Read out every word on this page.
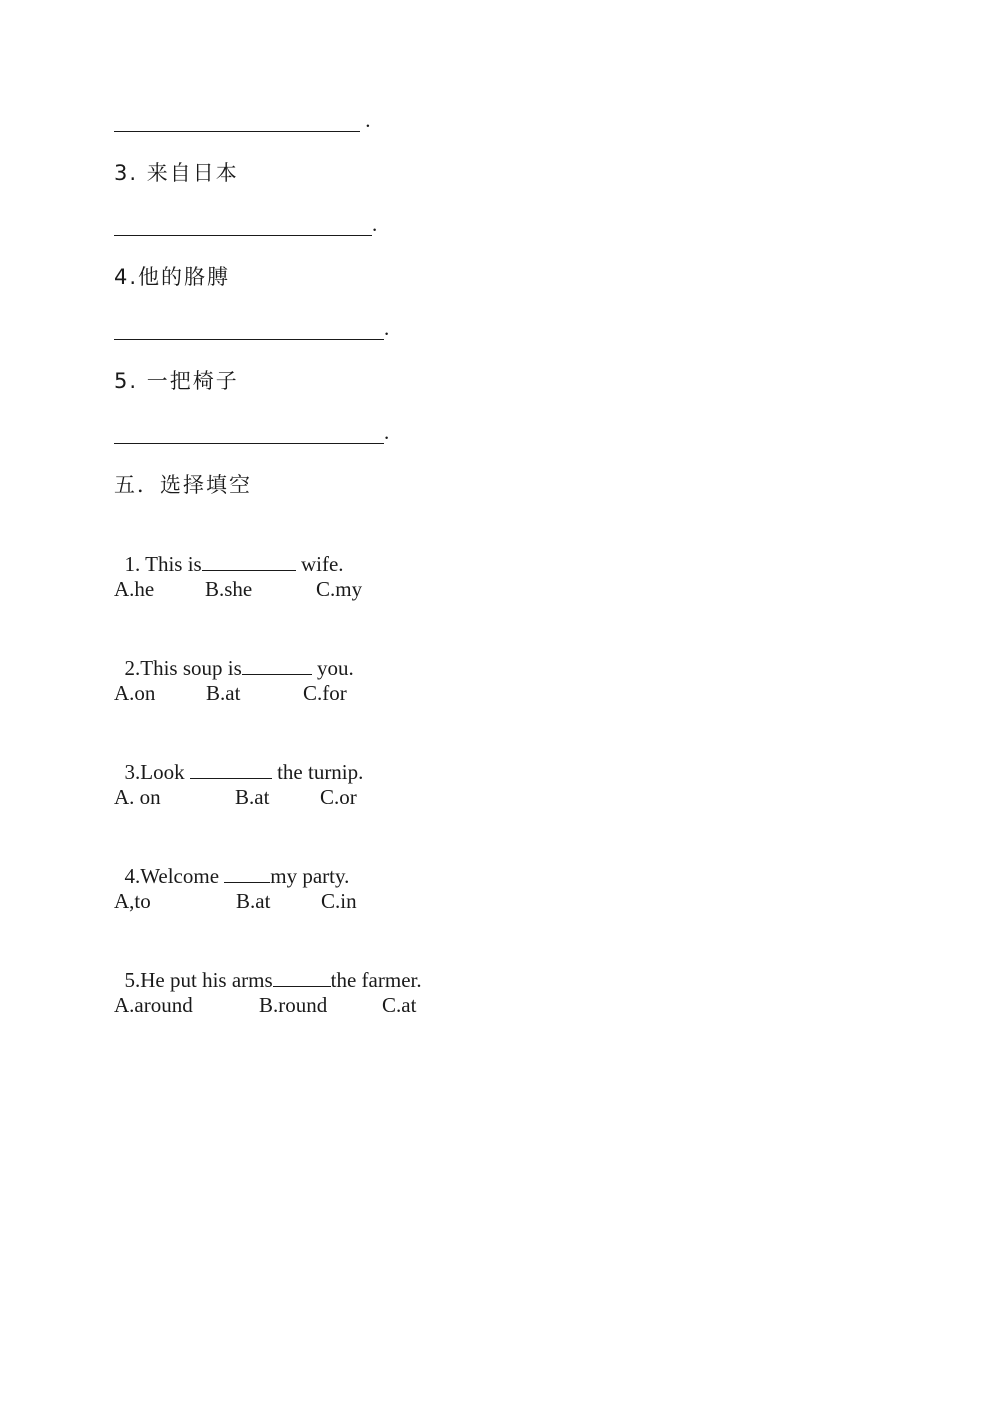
.
3. 来自日本
.
4.他的胳膊
.
5. 一把椅子
.
五．选择填空

1. This is	wife.

A.he B.she	C.my

2.This soup is	you.

A.on B.at	C.for

3.Look	the turnip.

A. on	B.at C.or

4.Welcome my party.

A,to	B.at C.in

5.He put his arms	the farmer.

A.around	B.round	C.at
